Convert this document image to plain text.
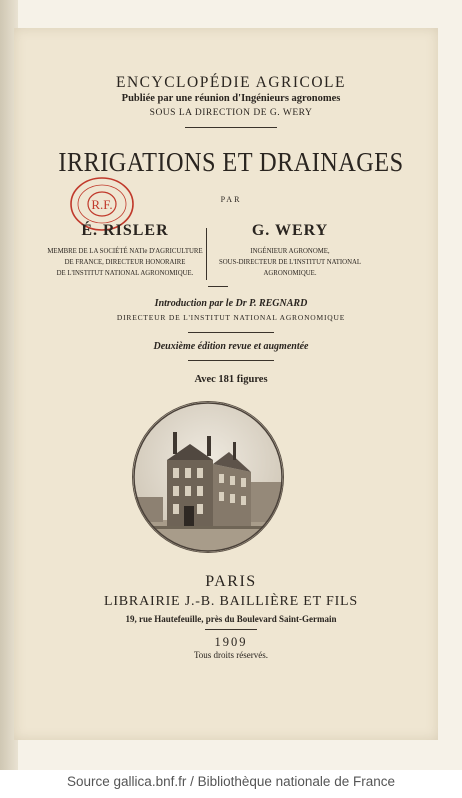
ENCYCLOPÉDIE AGRICOLE
Publiée par une réunion d'Ingénieurs agronomes
SOUS LA DIRECTION DE G. WERY
IRRIGATIONS ET DRAINAGES
PAR
R.F.
É. RISLER
MEMBRE DE LA SOCIÉTÉ NATle D'AGRICULTURE
DE FRANCE, DIRECTEUR HONORAIRE
DE L'INSTITUT NATIONAL AGRONOMIQUE.
G. WERY
INGÉNIEUR AGRONOME,
SOUS-DIRECTEUR DE L'INSTITUT NATIONAL
AGRONOMIQUE.
Introduction par le Dr P. REGNARD
DIRECTEUR DE L'INSTITUT NATIONAL AGRONOMIQUE
Deuxième édition revue et augmentée
Avec 181 figures
PARIS
LIBRAIRIE J.-B. BAILLIÈRE ET FILS
19, rue Hautefeuille, près du Boulevard Saint-Germain
1909
Tous droits réservés.
Source gallica.bnf.fr / Bibliothèque nationale de France
